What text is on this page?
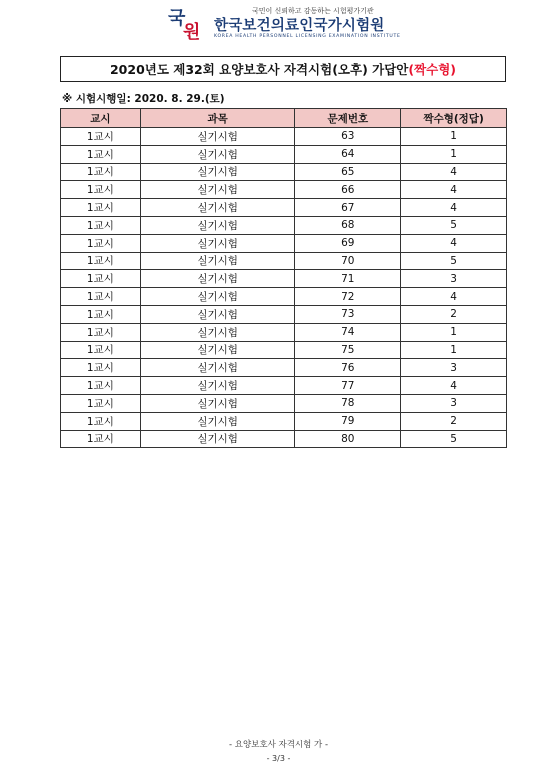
국
원
국민이 신뢰하고 감동하는 시험평가기관
한국보건의료인국가시험원
KOREA HEALTH PERSONNEL LICENSING EXAMINATION INSTITUTE
2020년도 제32회 요양보호사 자격시험(오후) 가답안 (짝수형)
※ 시험시행일: 2020. 8. 29.(토)
교시	과목	문제번호	짝수형(정답)
1교시	실기시험	63	1
1교시	실기시험	64	1
1교시	실기시험	65	4
1교시	실기시험	66	4
1교시	실기시험	67	4
1교시	실기시험	68	5
1교시	실기시험	69	4
1교시	실기시험	70	5
1교시	실기시험	71	3
1교시	실기시험	72	4
1교시	실기시험	73	2
1교시	실기시험	74	1
1교시	실기시험	75	1
1교시	실기시험	76	3
1교시	실기시험	77	4
1교시	실기시험	78	3
1교시	실기시험	79	2
1교시	실기시험	80	5
- 요양보호사 자격시험 가 -
- 3/3 -
